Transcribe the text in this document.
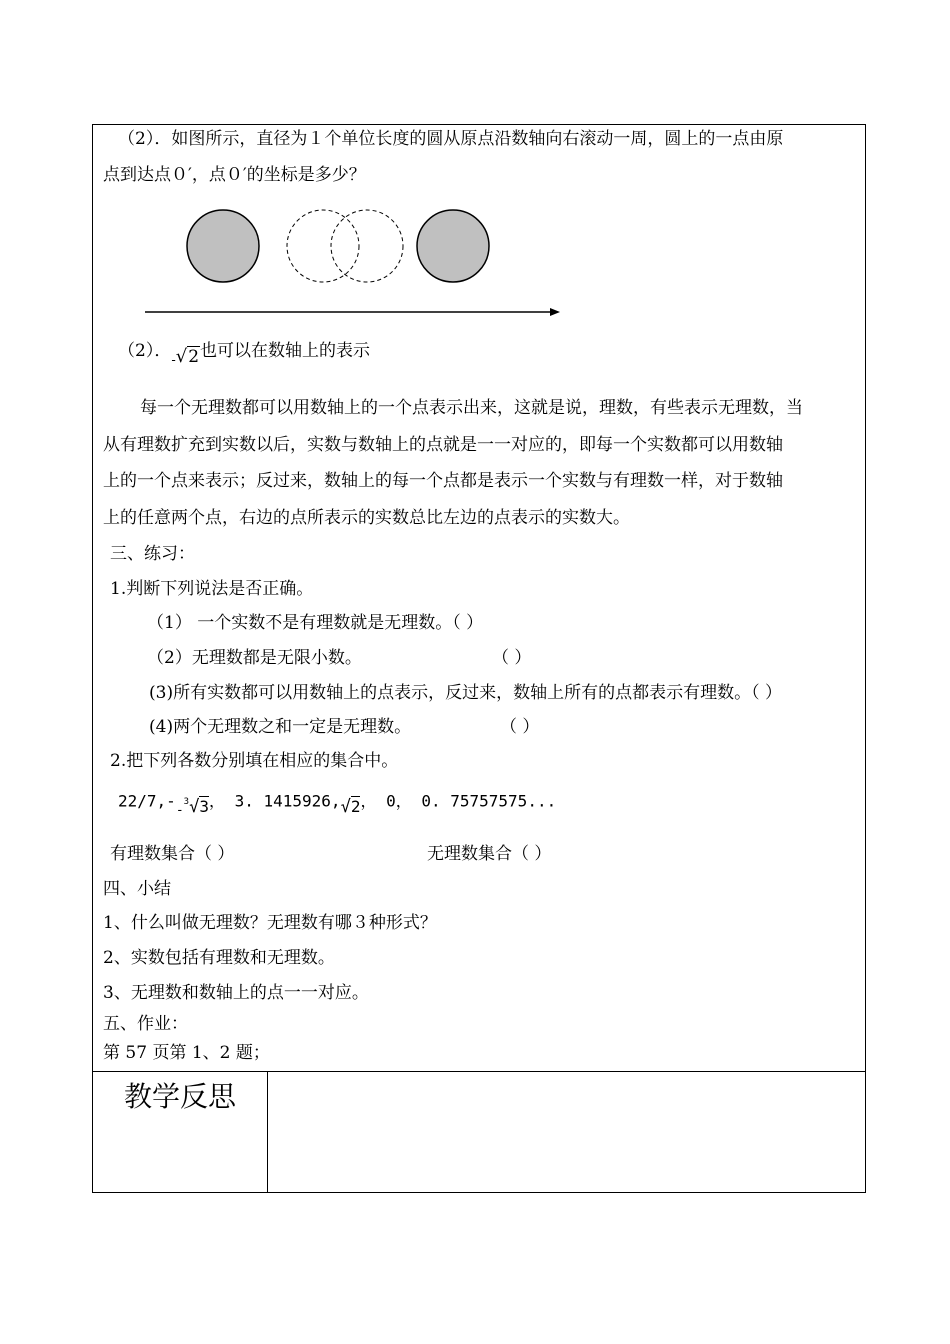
（2）．如图所示，直径为１个单位长度的圆从原点沿数轴向右滚动一周，圆上的一点由原
点到达点０′，点０′的坐标是多少？
（2）．$_-$√2也可以在数轴上的表示
每一个无理数都可以用数轴上的一个点表示出来，这就是说，理数，有些表示无理数，当
从有理数扩充到实数以后，实数与数轴上的点就是一一对应的，即每一个实数都可以用数轴
上的一个点来表示；反过来，数轴上的每一个点都是表示一个实数与有理数一样，对于数轴
上的任意两个点，右边的点所表示的实数总比左边的点表示的实数大。
三、练习：
1.判断下列说法是否正确。
（1） 一个实数不是有理数就是无理数。（ ）
（2）无理数都是无限小数。	（ ）
(3)所有实数都可以用数轴上的点表示，反过来，数轴上所有的点都表示有理数。（ ）
(4)两个无理数之和一定是无理数。	（ ）
2.把下列各数分别填在相应的集合中。
$22/7,-_-^3√3$， 3. 1415926,√2， 0， 0. 75757575...
有理数集合（ ）	无理数集合（ ）
四、小结
1、什么叫做无理数？无理数有哪３种形式？
2、实数包括有理数和无理数。
3、无理数和数轴上的点一一对应。
五、作业：
第 57 页第 1、2 题；
教学反思
